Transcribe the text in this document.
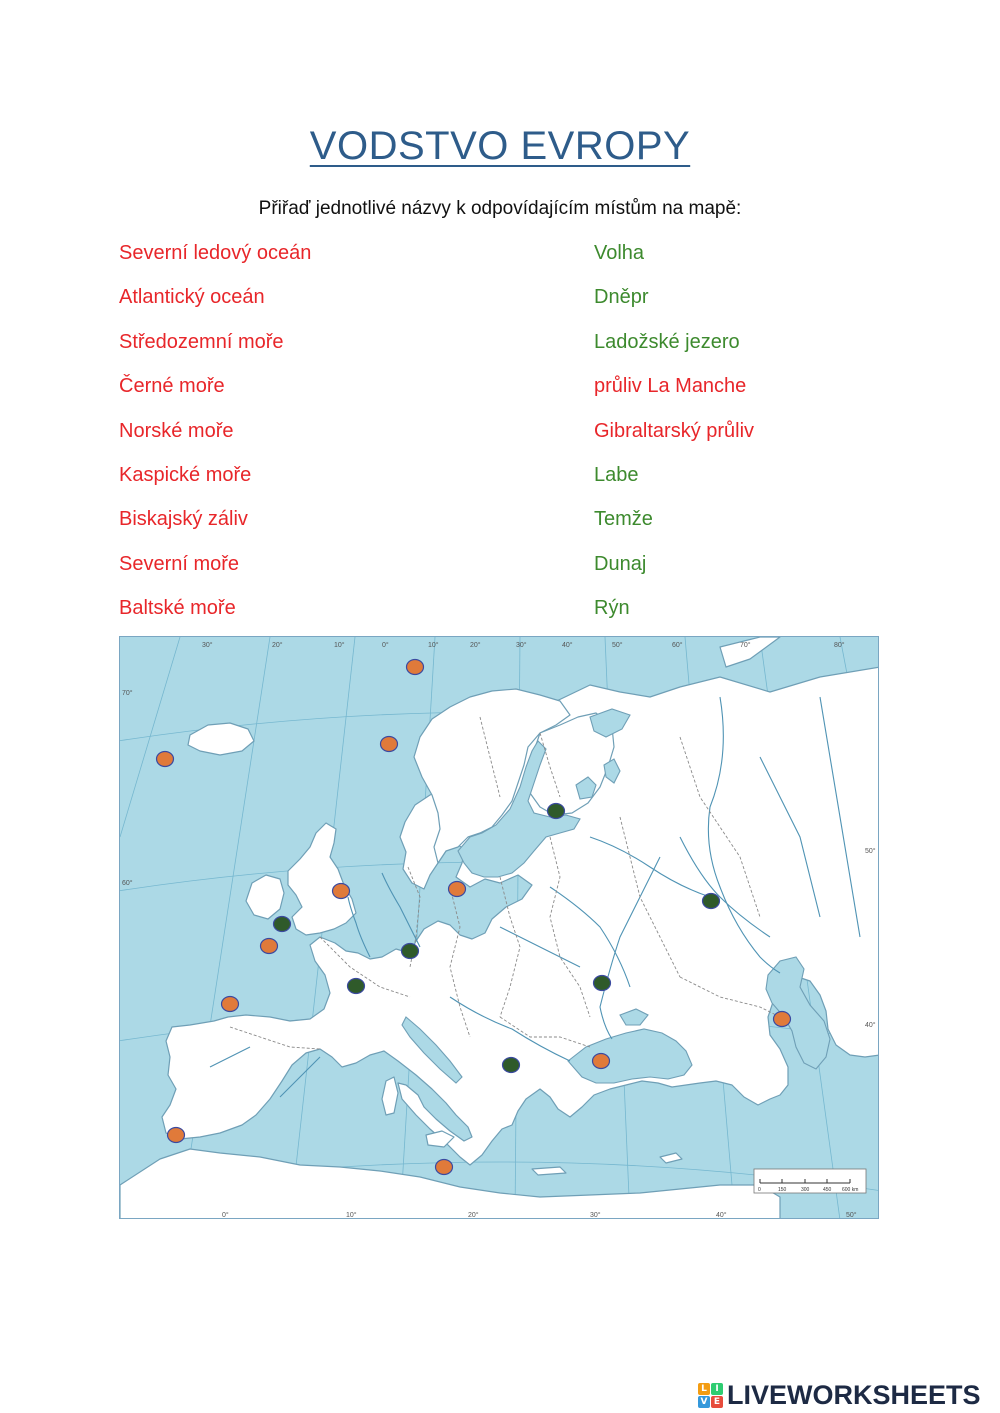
VODSTVO EVROPY
Přiřaď jednotlivé názvy k odpovídajícím místům na mapě:
Severní ledový oceán
Atlantický oceán
Středozemní moře
Černé moře
Norské moře
Kaspické moře
Biskajský záliv
Severní moře
Baltské moře
Volha
Dněpr
Ladožské jezero
průliv La Manche
Gibraltarský průliv
Labe
Temže
Dunaj
Rýn
30°	20°	10°	0°	10°	20°	30°	40°	50°	60°	70°	80°
0°	10°	20°	30°	40°	50°
70°
60°
50°
40°
0	150	300	450 600 km
L I
V E LIVEWORKSHEETS
